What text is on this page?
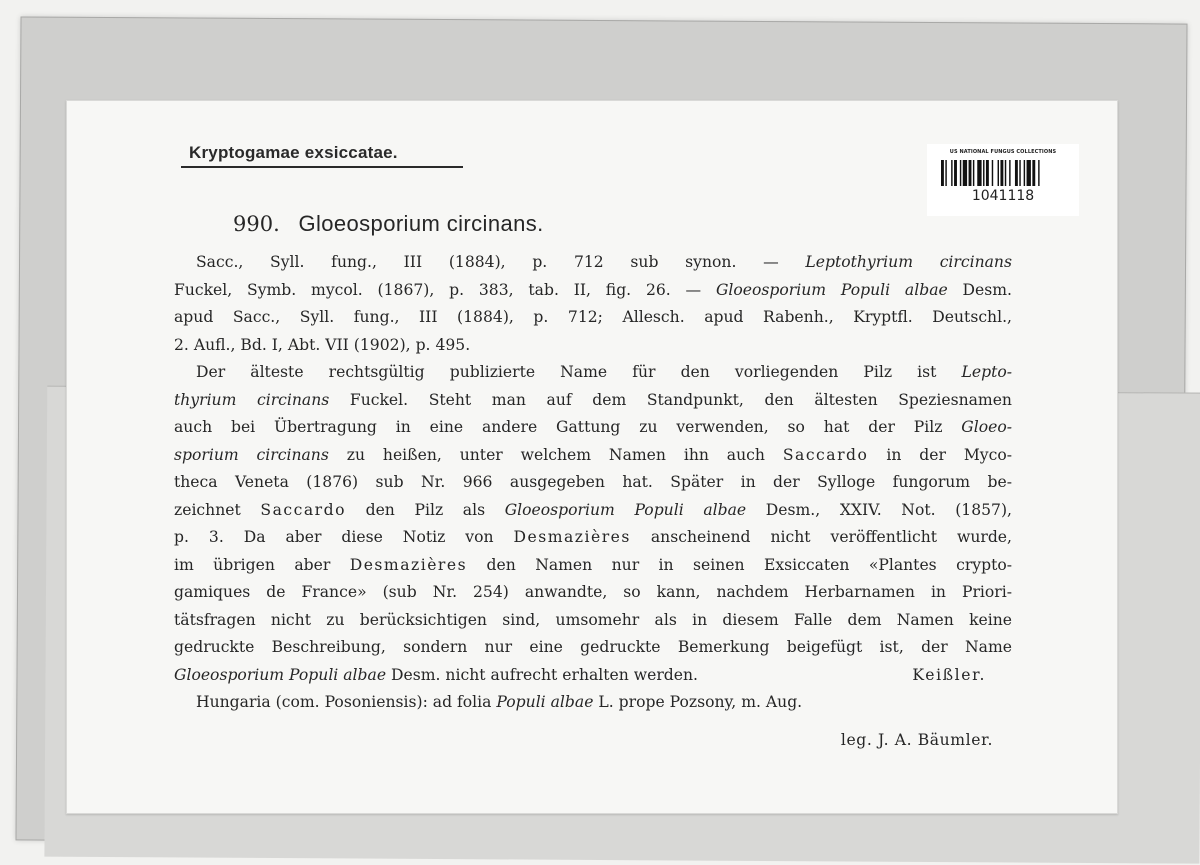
Kryptogamae exsiccatae.	US NATIONAL FUNGUS COLLECTIONS
1041118
990. Gloeosporium circinans.
Sacc., Syll. fung., III (1884), p. 712 sub synon. — Leptothyrium circinans
Fuckel, Symb. mycol. (1867), p. 383, tab. II, fig. 26. — Gloeosporium Populi albae Desm.
apud Sacc., Syll. fung., III (1884), p. 712; Allesch. apud Rabenh., Kryptfl. Deutschl.,
2. Aufl., Bd. I, Abt. VII (1902), p. 495.
Der älteste rechtsgültig publizierte Name für den vorliegenden Pilz ist Lepto-
thyrium circinans Fuckel. Steht man auf dem Standpunkt, den ältesten Speziesnamen
auch bei Übertragung in eine andere Gattung zu verwenden, so hat der Pilz Gloeo-
sporium circinans zu heißen, unter welchem Namen ihn auch Saccardo in der Myco-
theca Veneta (1876) sub Nr. 966 ausgegeben hat. Später in der Sylloge fungorum be-
zeichnet Saccardo den Pilz als Gloeosporium Populi albae Desm., XXIV. Not. (1857),
p. 3. Da aber diese Notiz von Desmazières anscheinend nicht veröffentlicht wurde,
im übrigen aber Desmazières den Namen nur in seinen Exsiccaten «Plantes crypto-
gamiques de France» (sub Nr. 254) anwandte, so kann, nachdem Herbarnamen in Priori-
tätsfragen nicht zu berücksichtigen sind, umsomehr als in diesem Falle dem Namen keine
gedruckte Beschreibung, sondern nur eine gedruckte Bemerkung beigefügt ist, der Name
Gloeosporium Populi albae Desm. nicht aufrecht erhalten werden.	Keißler.
Hungaria (com. Posoniensis): ad folia Populi albae L. prope Pozsony, m. Aug.
leg. J. A. Bäumler.
